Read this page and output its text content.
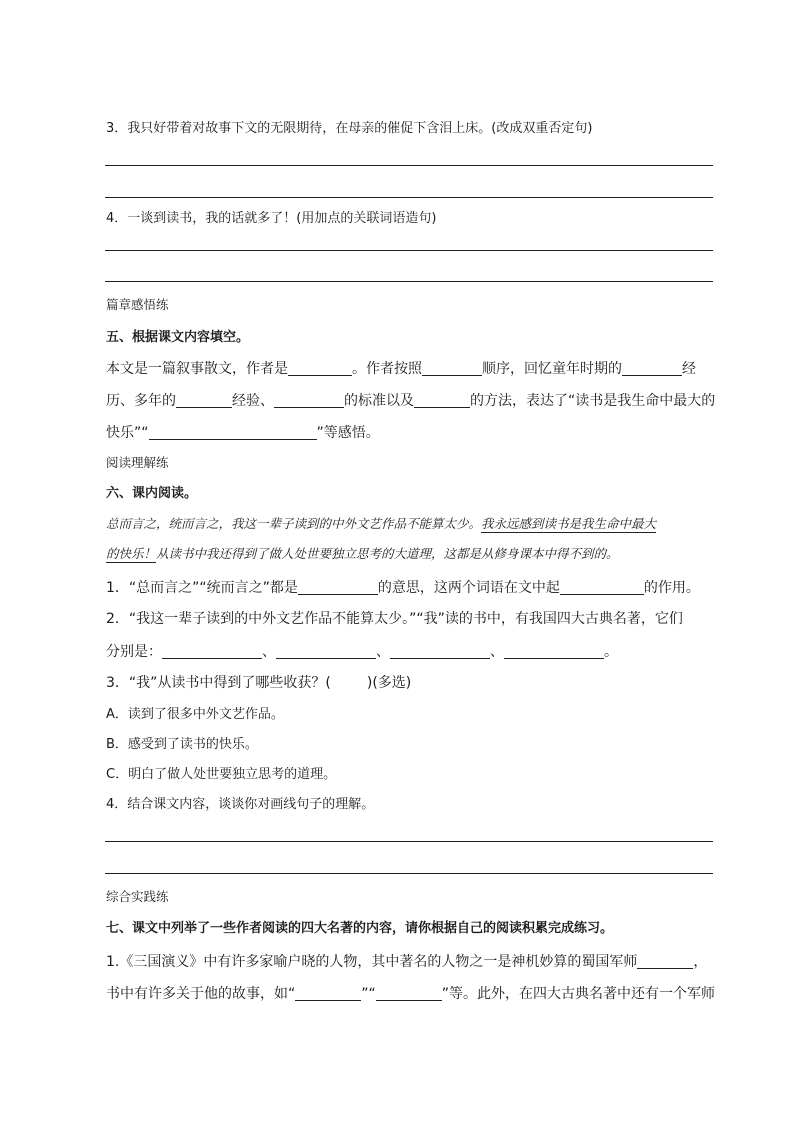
3．我只好带着对故事下文的无限期待，在母亲的催促下含泪上床。(改成双重否定句)
4．一谈到读书，我的话就多了！(用加点的关联词语造句)
篇章感悟练
五、根据课文内容填空。
本文是一篇叙事散文，作者是	。作者按照	顺序，回忆童年时期的	经
历、多年的	经验、	的标准以及	的方法，表达了“读书是我生命中最大的
快乐”“	”等感悟。
阅读理解练
六、课内阅读。
总而言之，统而言之，我这一辈子读到的中外文艺作品不能算太少。我永远感到读书是我生命中最大
的快乐！从读书中我还得到了做人处世要独立思考的大道理，这都是从修身课本中得不到的。
1．“总而言之”“统而言之”都是	的意思，这两个词语在文中起	的作用。
2．“我这一辈子读到的中外文艺作品不能算太少。”“我”读的书中，有我国四大古典名著，它们
分别是：	、	、	、	。
3．“我”从读书中得到了哪些收获？(	)(多选)
A．读到了很多中外文艺作品。
B．感受到了读书的快乐。
C．明白了做人处世要独立思考的道理。
4．结合课文内容，谈谈你对画线句子的理解。
综合实践练
七、课文中列举了一些作者阅读的四大名著的内容，请你根据自己的阅读积累完成练习。
1.《三国演义》中有许多家喻户晓的人物，其中著名的人物之一是神机妙算的蜀国军师	，
书中有许多关于他的故事，如“	”“	”等。此外，在四大古典名著中还有一个军师
